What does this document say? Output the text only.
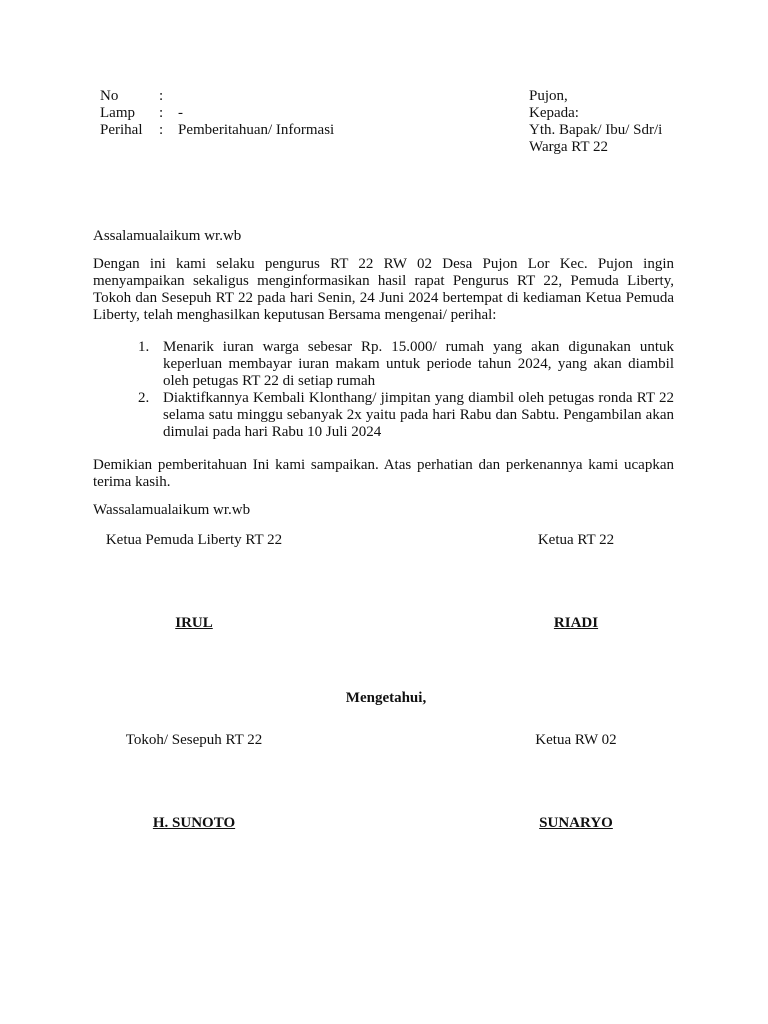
No	:
Lamp : -
Perihal : Pemberitahuan/ Informasi
Pujon,
Kepada:
Yth. Bapak/ Ibu/ Sdr/i
Warga RT 22
Assalamualaikum wr.wb
Dengan ini kami selaku pengurus RT 22 RW 02 Desa Pujon Lor Kec. Pujon ingin menyampaikan sekaligus menginformasikan hasil rapat Pengurus RT 22, Pemuda Liberty, Tokoh dan Sesepuh RT 22 pada hari Senin, 24 Juni 2024 bertempat di kediaman Ketua Pemuda Liberty, telah menghasilkan keputusan Bersama mengenai/ perihal:
1. Menarik iuran warga sebesar Rp. 15.000/ rumah yang akan digunakan untuk keperluan membayar iuran makam untuk periode tahun 2024, yang akan diambil oleh petugas RT 22 di setiap rumah
2. Diaktifkannya Kembali Klonthang/ jimpitan yang diambil oleh petugas ronda RT 22 selama satu minggu sebanyak 2x yaitu pada hari Rabu dan Sabtu. Pengambilan akan dimulai pada hari Rabu 10 Juli 2024
Demikian pemberitahuan Ini kami sampaikan. Atas perhatian dan perkenannya kami ucapkan terima kasih.
Wassalamualaikum wr.wb
Ketua Pemuda Liberty RT 22	Ketua RT 22
IRUL	RIADI
Mengetahui,
Tokoh/ Sesepuh RT 22	Ketua RW 02
H. SUNOTO	SUNARYO
